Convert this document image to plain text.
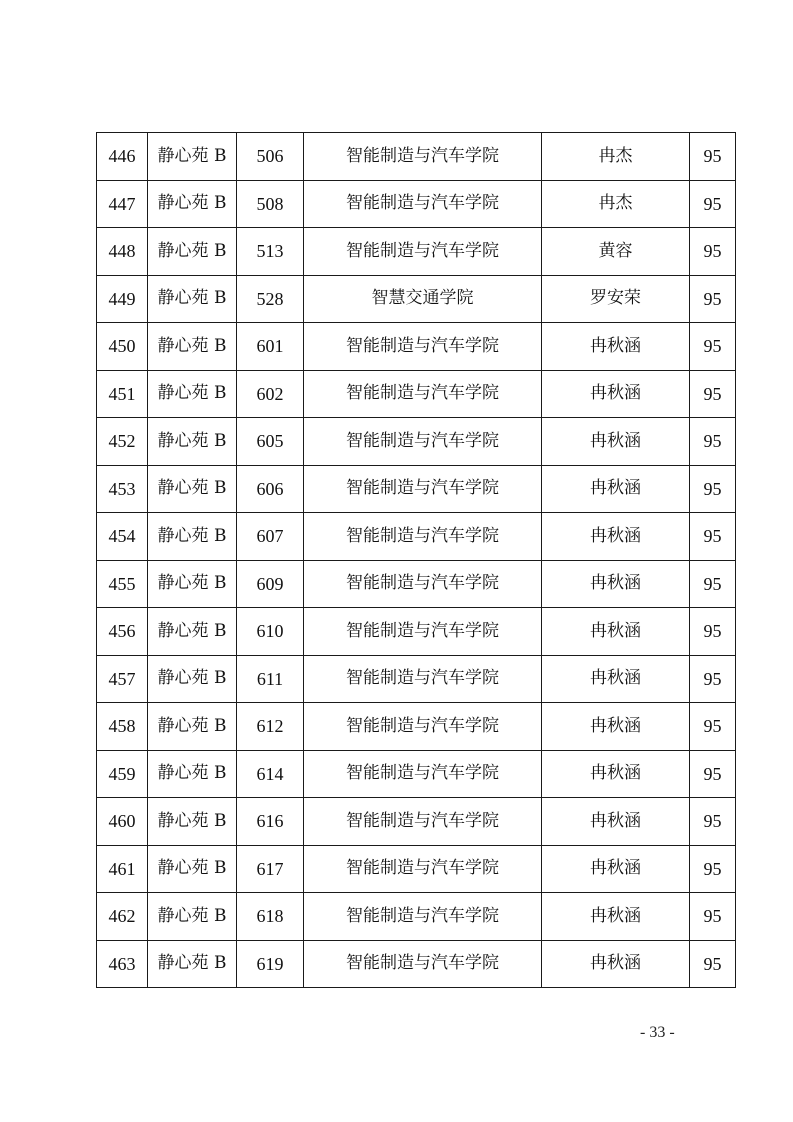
446	静心苑 B	506	智能制造与汽车学院	冉杰	95
447	静心苑 B	508	智能制造与汽车学院	冉杰	95
448	静心苑 B	513	智能制造与汽车学院	黄容	95
449	静心苑 B	528	智慧交通学院	罗安荣	95
450	静心苑 B	601	智能制造与汽车学院	冉秋涵	95
451	静心苑 B	602	智能制造与汽车学院	冉秋涵	95
452	静心苑 B	605	智能制造与汽车学院	冉秋涵	95
453	静心苑 B	606	智能制造与汽车学院	冉秋涵	95
454	静心苑 B	607	智能制造与汽车学院	冉秋涵	95
455	静心苑 B	609	智能制造与汽车学院	冉秋涵	95
456	静心苑 B	610	智能制造与汽车学院	冉秋涵	95
457	静心苑 B	611	智能制造与汽车学院	冉秋涵	95
458	静心苑 B	612	智能制造与汽车学院	冉秋涵	95
459	静心苑 B	614	智能制造与汽车学院	冉秋涵	95
460	静心苑 B	616	智能制造与汽车学院	冉秋涵	95
461	静心苑 B	617	智能制造与汽车学院	冉秋涵	95
462	静心苑 B	618	智能制造与汽车学院	冉秋涵	95
463	静心苑 B	619	智能制造与汽车学院	冉秋涵	95
- 33 -
